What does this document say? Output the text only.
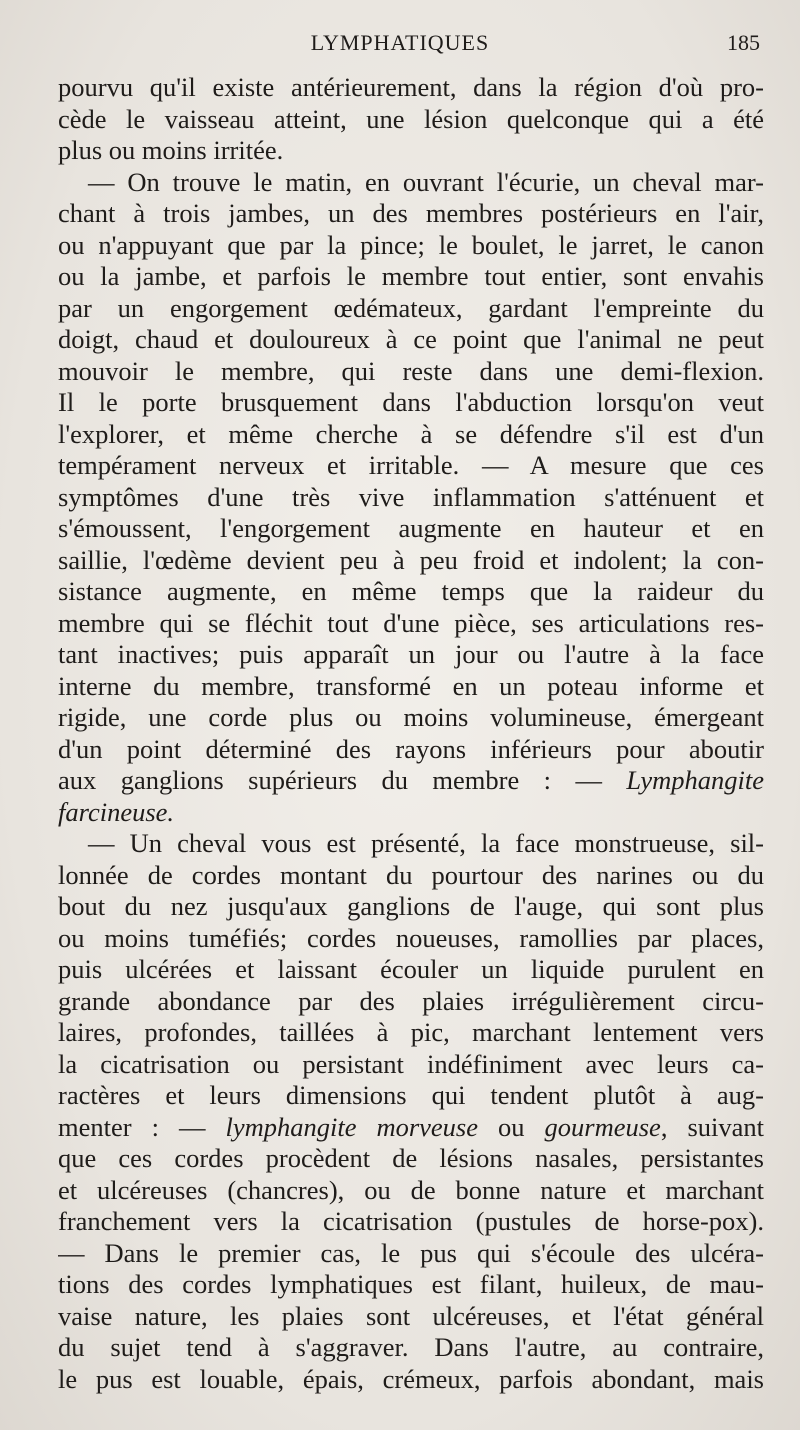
LYMPHATIQUES	185
pourvu qu'il existe antérieurement, dans la région d'où pro-
cède le vaisseau atteint, une lésion quelconque qui a été
plus ou moins irritée.
— On trouve le matin, en ouvrant l'écurie, un cheval mar-
chant à trois jambes, un des membres postérieurs en l'air,
ou n'appuyant que par la pince; le boulet, le jarret, le canon
ou la jambe, et parfois le membre tout entier, sont envahis
par un engorgement œdémateux, gardant l'empreinte du
doigt, chaud et douloureux à ce point que l'animal ne peut
mouvoir le membre, qui reste dans une demi-flexion.
Il le porte brusquement dans l'abduction lorsqu'on veut
l'explorer, et même cherche à se défendre s'il est d'un
tempérament nerveux et irritable. — A mesure que ces
symptômes d'une très vive inflammation s'atténuent et
s'émoussent, l'engorgement augmente en hauteur et en
saillie, l'œdème devient peu à peu froid et indolent; la con-
sistance augmente, en même temps que la raideur du
membre qui se fléchit tout d'une pièce, ses articulations res-
tant inactives; puis apparaît un jour ou l'autre à la face
interne du membre, transformé en un poteau informe et
rigide, une corde plus ou moins volumineuse, émergeant
d'un point déterminé des rayons inférieurs pour aboutir
aux ganglions supérieurs du membre : — Lymphangite
farcineuse.
— Un cheval vous est présenté, la face monstrueuse, sil-
lonnée de cordes montant du pourtour des narines ou du
bout du nez jusqu'aux ganglions de l'auge, qui sont plus
ou moins tuméfiés; cordes noueuses, ramollies par places,
puis ulcérées et laissant écouler un liquide purulent en
grande abondance par des plaies irrégulièrement circu-
laires, profondes, taillées à pic, marchant lentement vers
la cicatrisation ou persistant indéfiniment avec leurs ca-
ractères et leurs dimensions qui tendent plutôt à aug-
menter : — lymphangite morveuse ou gourmeuse, suivant
que ces cordes procèdent de lésions nasales, persistantes
et ulcéreuses (chancres), ou de bonne nature et marchant
franchement vers la cicatrisation (pustules de horse-pox).
— Dans le premier cas, le pus qui s'écoule des ulcéra-
tions des cordes lymphatiques est filant, huileux, de mau-
vaise nature, les plaies sont ulcéreuses, et l'état général
du sujet tend à s'aggraver. Dans l'autre, au contraire,
le pus est louable, épais, crémeux, parfois abondant, mais
